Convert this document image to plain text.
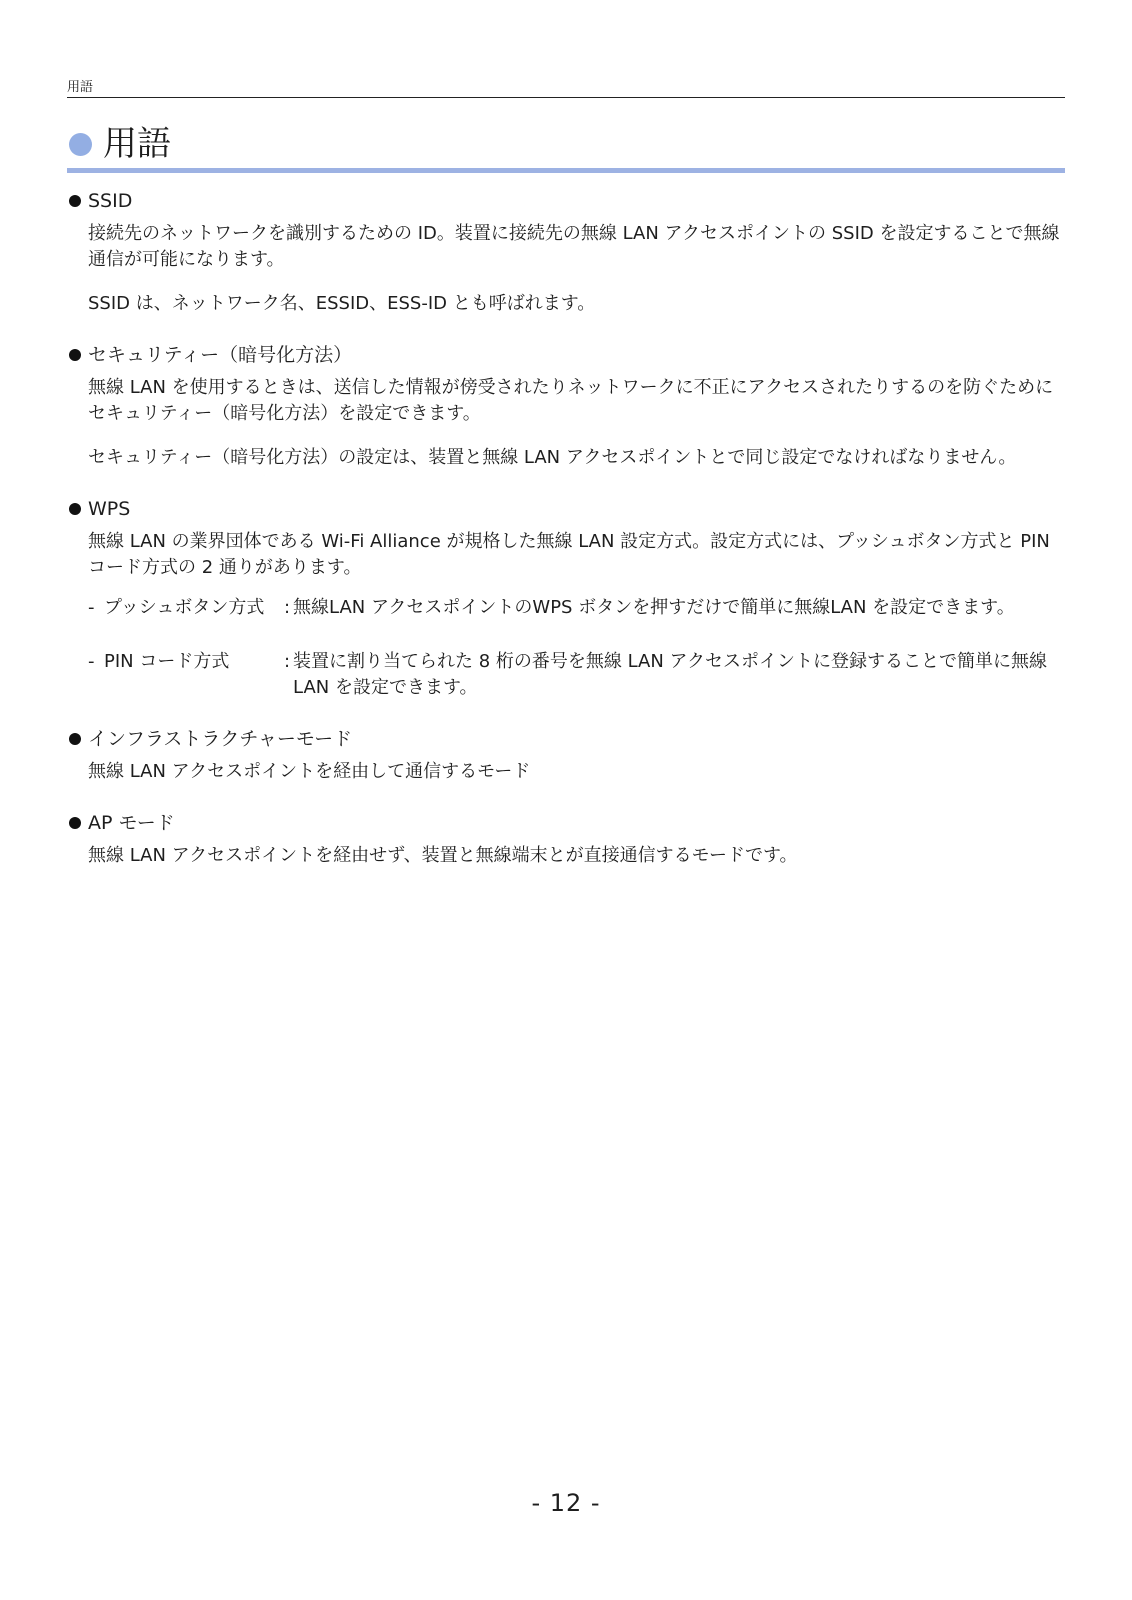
用語
用語
SSID
接続先のネットワークを識別するための ID。装置に接続先の無線 LAN アクセスポイントの SSID を設定することで無線通信が可能になります。
SSID は、ネットワーク名、ESSID、ESS-ID とも呼ばれます。
セキュリティー（暗号化方法）
無線 LAN を使用するときは、送信した情報が傍受されたりネットワークに不正にアクセスされたりするのを防ぐためにセキュリティー（暗号化方法）を設定できます。
セキュリティー（暗号化方法）の設定は、装置と無線 LAN アクセスポイントとで同じ設定でなければなりません。
WPS
無線 LAN の業界団体である Wi-Fi Alliance が規格した無線 LAN 設定方式。設定方式には、プッシュボタン方式と PIN コード方式の 2 通りがあります。
- プッシュボタン方式	: 無線LAN アクセスポイントのWPS ボタンを押すだけで簡単に無線LAN を設定できます。
- PIN コード方式	: 装置に割り当てられた 8 桁の番号を無線 LAN アクセスポイントに登録することで簡単に無線 LAN を設定できます。
インフラストラクチャーモード
無線 LAN アクセスポイントを経由して通信するモード
AP モード
無線 LAN アクセスポイントを経由せず、装置と無線端末とが直接通信するモードです。
- 12 -
